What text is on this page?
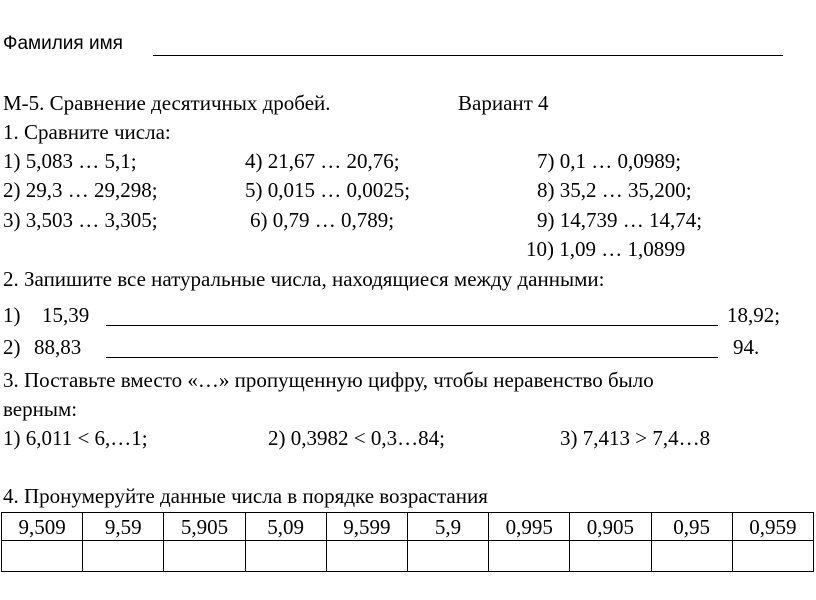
Фамилия имя
М-5. Сравнение десятичных дробей.	Вариант 4
1. Сравните числа:
1) 5,083 … 5,1;	4) 21,67 … 20,76;	7) 0,1 … 0,0989;
2) 29,3 … 29,298;	5) 0,015 … 0,0025;	8) 35,2 … 35,200;
3) 3,503 … 3,305;	6) 0,79 … 0,789;	9) 14,739 … 14,74;
10) 1,09 … 1,0899
2. Запишите все натуральные числа, находящиеся между данными:
1) 15,39	18,92;
2) 88,83	94.
3. Поставьте вместо «…» пропущенную цифру, чтобы неравенство было
верным:
1) 6,011 < 6,…1;	2) 0,3982 < 0,3…84;	3) 7,413 > 7,4…8
4. Пронумеруйте данные числа в порядке возрастания
9,509	9,59	5,905	5,09	9,599	5,9	0,995	0,905	0,95	0,959
